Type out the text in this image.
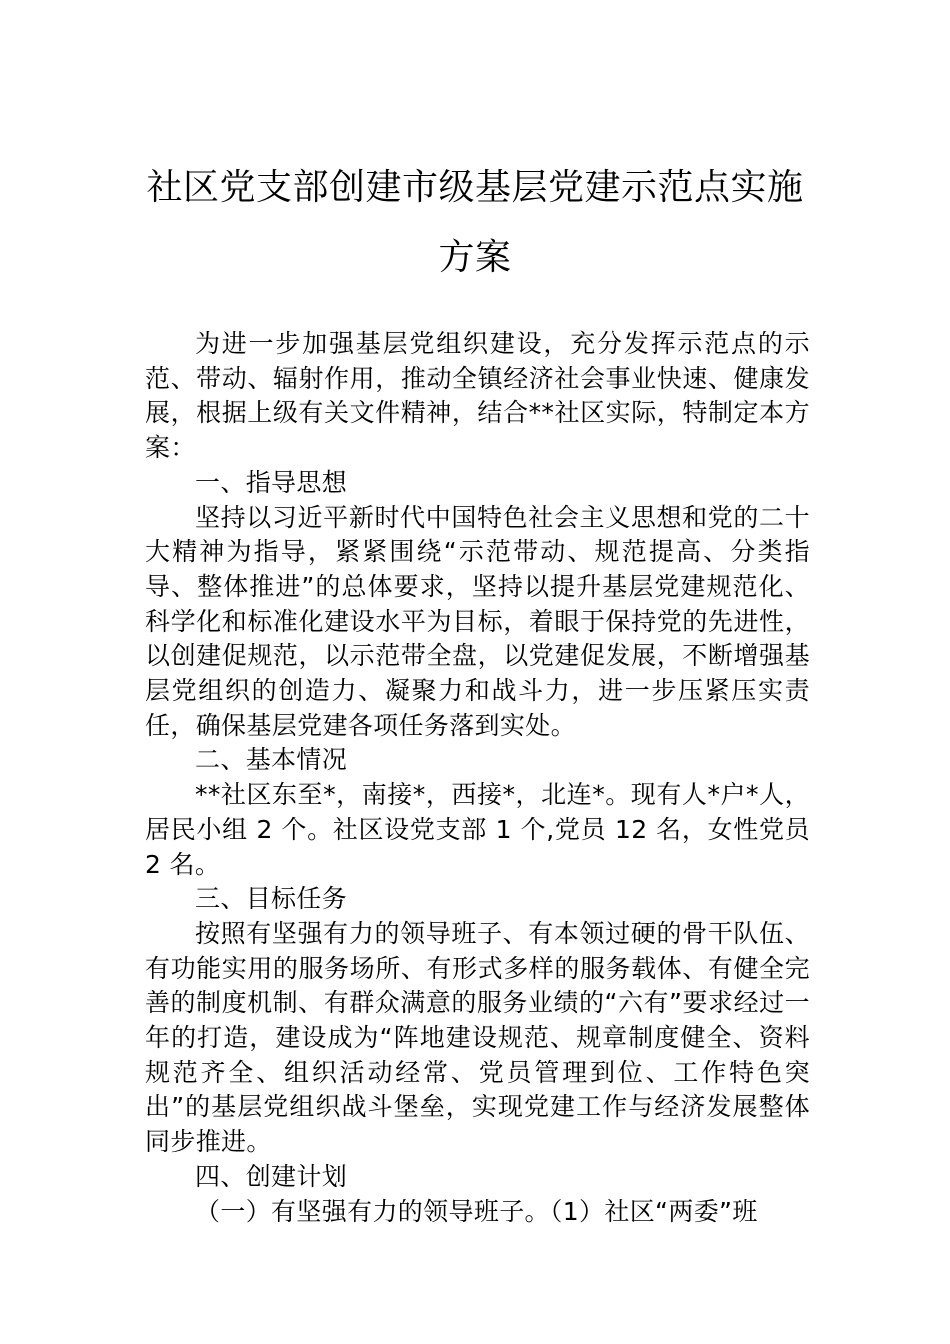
社区党支部创建市级基层党建示范点实施
方案

为进一步加强基层党组织建设，充分发挥示范点的示范、带动、辐射作用，推动全镇经济社会事业快速、健康发展，根据上级有关文件精神，结合**社区实际，特制定本方案：

一、指导思想

坚持以习近平新时代中国特色社会主义思想和党的二十大精神为指导，紧紧围绕“示范带动、规范提高、分类指导、整体推进”的总体要求，坚持以提升基层党建规范化、科学化和标准化建设水平为目标，着眼于保持党的先进性，以创建促规范，以示范带全盘，以党建促发展，不断增强基层党组织的创造力、凝聚力和战斗力，进一步压紧压实责任，确保基层党建各项任务落到实处。

二、基本情况

**社区东至*，南接*，西接*，北连*。现有人*户*人，居民小组 2 个。社区设党支部 1 个,党员 12 名，女性党员 2 名。

三、目标任务

按照有坚强有力的领导班子、有本领过硬的骨干队伍、有功能实用的服务场所、有形式多样的服务载体、有健全完善的制度机制、有群众满意的服务业绩的“六有”要求经过一年的打造，建设成为“阵地建设规范、规章制度健全、资料规范齐全、组织活动经常、党员管理到位、工作特色突出”的基层党组织战斗堡垒，实现党建工作与经济发展整体同步推进。

四、创建计划

（一）有坚强有力的领导班子。（1）社区“两委”班
